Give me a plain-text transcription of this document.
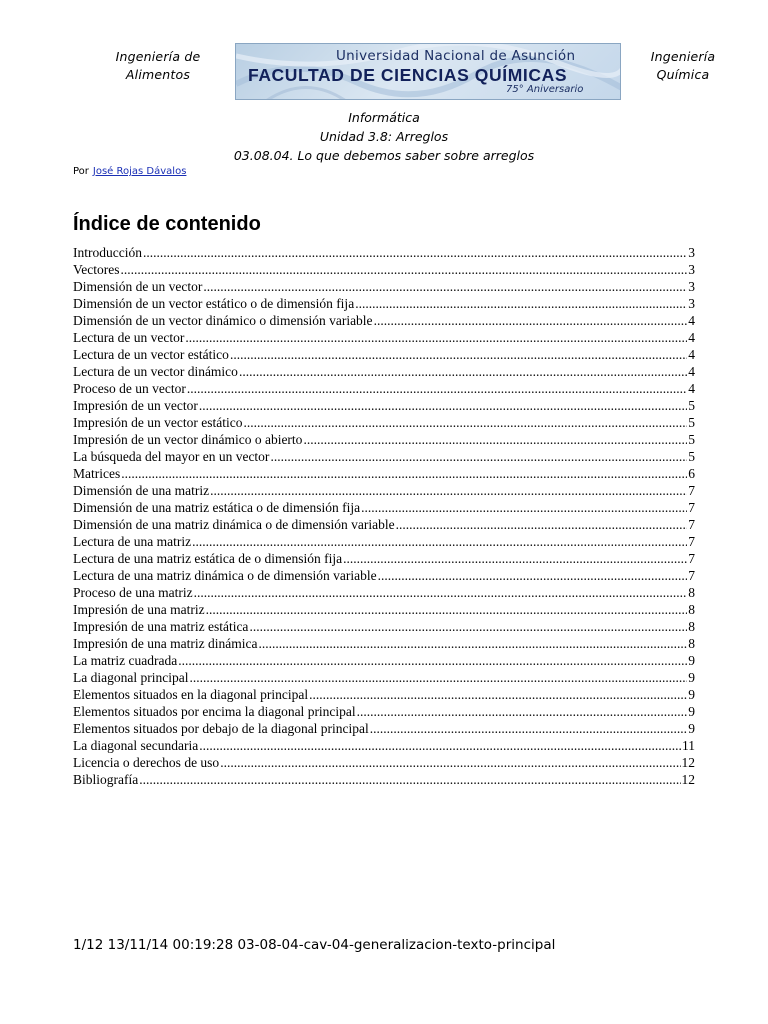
Ingeniería de Alimentos
Universidad Nacional de Asunción
FACULTAD DE CIENCIAS QUÍMICAS
75° Aniversario
Ingeniería Química
Informática
Unidad 3.8: Arreglos
03.08.04. Lo que debemos saber sobre arreglos
Por José Rojas Dávalos
Índice de contenido
Introducción .....	3
Vectores .....	3
Dimensión de un vector .....	3
Dimensión de un vector estático o de dimensión fija .....	3
Dimensión de un vector dinámico o dimensión variable .....	4
Lectura de un vector .....	4
Lectura de un vector estático .....	4
Lectura de un vector dinámico .....	4
Proceso de un vector .....	4
Impresión de un vector .....	5
Impresión de un vector estático .....	5
Impresión de un vector dinámico o abierto .....	5
La búsqueda del mayor en un vector .....	5
Matrices .....	6
Dimensión de una matriz .....	7
Dimensión de una matriz estática o de dimensión fija .....	7
Dimensión de una matriz dinámica o de dimensión variable .....	7
Lectura de una matriz .....	7
Lectura de una matriz estática de o dimensión fija .....	7
Lectura de una matriz dinámica o de dimensión variable .....	7
Proceso de una matriz .....	8
Impresión de una matriz .....	8
Impresión de una matriz estática .....	8
Impresión de una matriz dinámica .....	8
La matriz cuadrada .....	9
La diagonal principal .....	9
Elementos situados en la diagonal principal .....	9
Elementos situados por encima la diagonal principal .....	9
Elementos situados por debajo de la diagonal principal .....	9
La diagonal secundaria .....	11
Licencia o derechos de uso .....	12
Bibliografía .....	12
1/12 13/11/14 00:19:28 03-08-04-cav-04-generalizacion-texto-principal
